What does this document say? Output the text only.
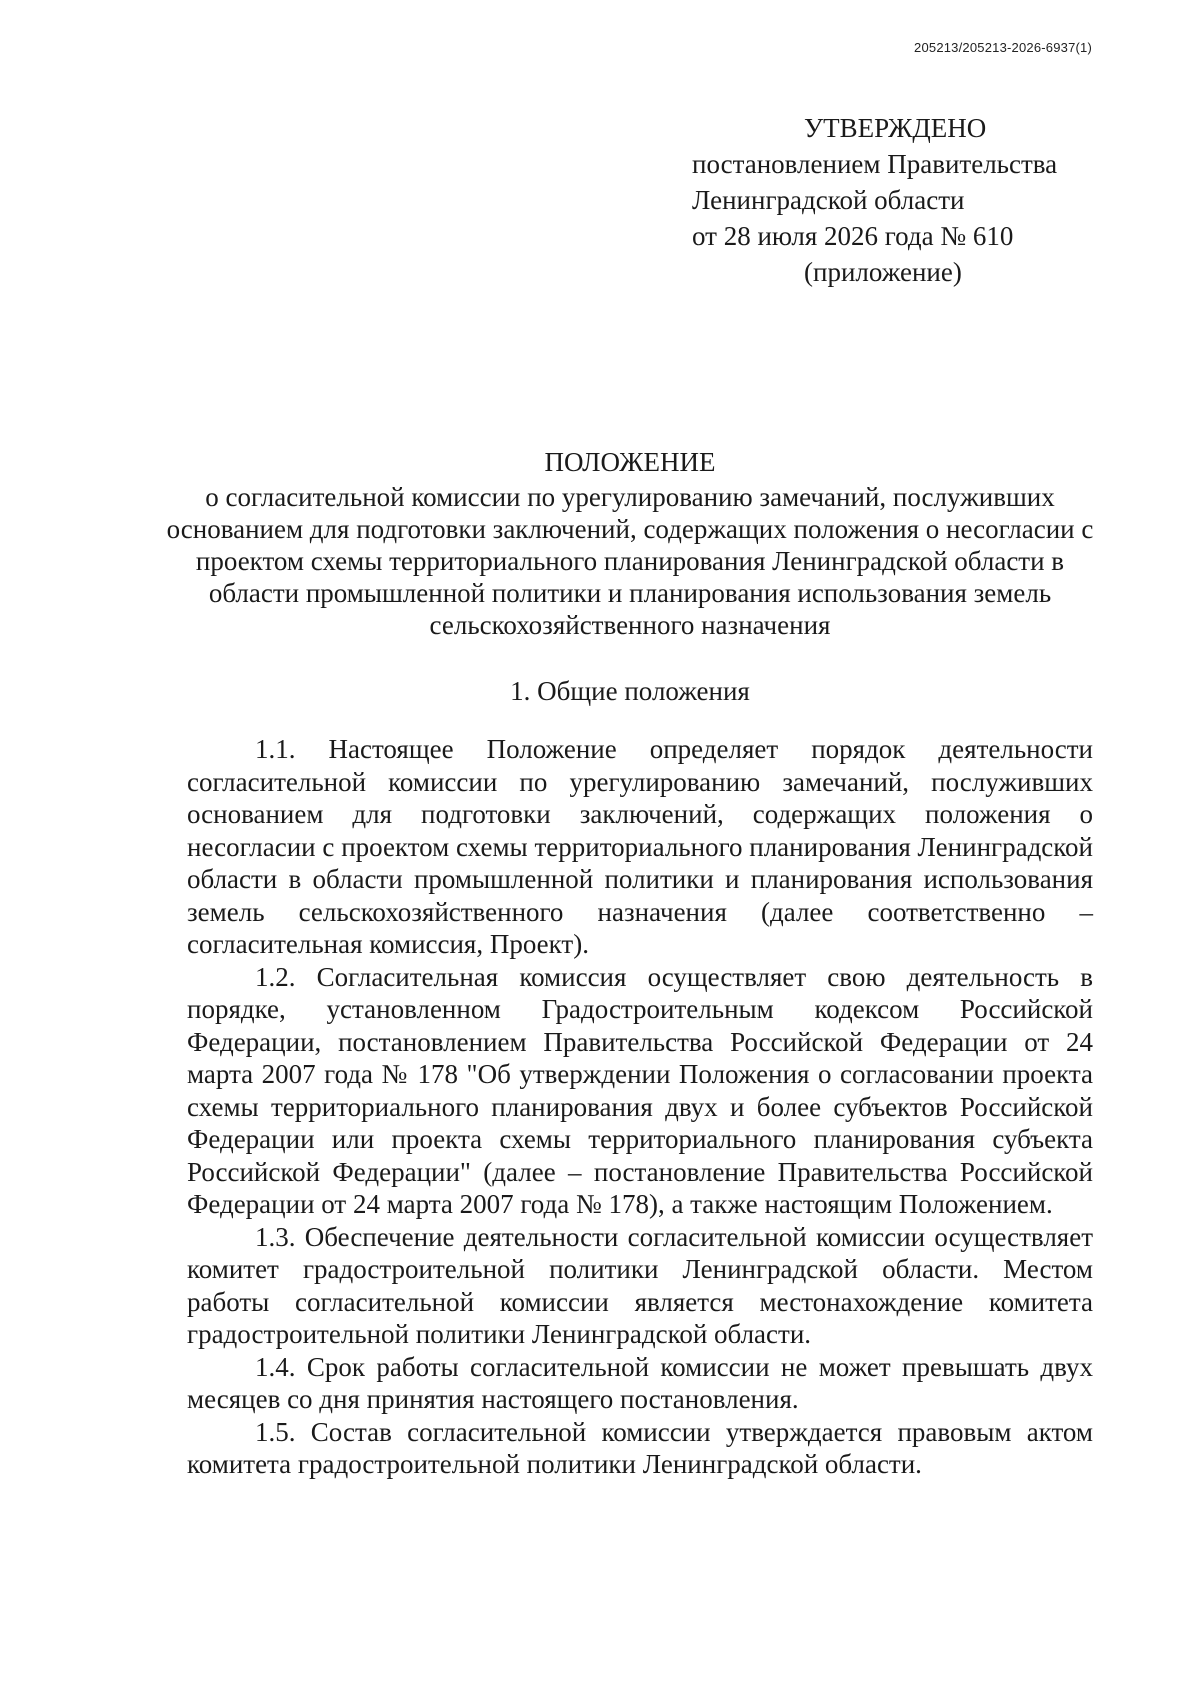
205213/205213-2026-6937(1)
УТВЕРЖДЕНО
постановлением Правительства
Ленинградской области
от 28 июля 2026 года № 610
(приложение)
ПОЛОЖЕНИЕ
о согласительной комиссии по урегулированию замечаний, послуживших основанием для подготовки заключений, содержащих положения о несогласии с проектом схемы территориального планирования Ленинградской области в области промышленной политики и планирования использования земель сельскохозяйственного назначения
1. Общие положения

1.1. Настоящее Положение определяет порядок деятельности согласительной комиссии по урегулированию замечаний, послуживших основанием для подготовки заключений, содержащих положения о несогласии с проектом схемы территориального планирования Ленинградской области в области промышленной политики и планирования использования земель сельскохозяйственного назначения (далее соответственно – согласительная комиссия, Проект).

1.2. Согласительная комиссия осуществляет свою деятельность в порядке, установленном Градостроительным кодексом Российской Федерации, постановлением Правительства Российской Федерации от 24 марта 2007 года № 178 "Об утверждении Положения о согласовании проекта схемы территориального планирования двух и более субъектов Российской Федерации или проекта схемы территориального планирования субъекта Российской Федерации" (далее – постановление Правительства Российской Федерации от 24 марта 2007 года № 178), а также настоящим Положением.

1.3. Обеспечение деятельности согласительной комиссии осуществляет комитет градостроительной политики Ленинградской области. Местом работы согласительной комиссии является местонахождение комитета градостроительной политики Ленинградской области.

1.4. Срок работы согласительной комиссии не может превышать двух месяцев со дня принятия настоящего постановления.

1.5. Состав согласительной комиссии утверждается правовым актом комитета градостроительной политики Ленинградской области.
